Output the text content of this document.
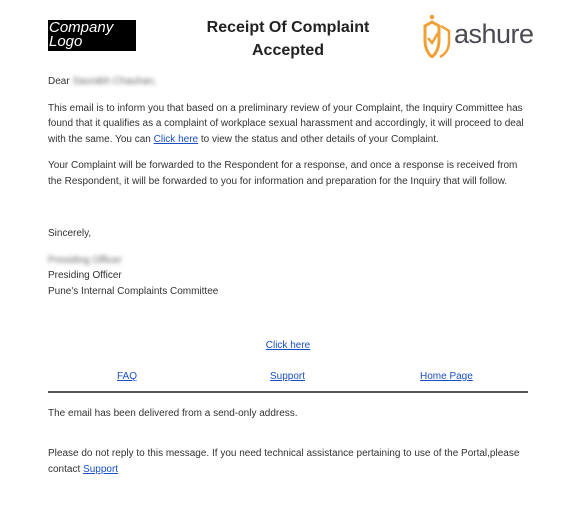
Company Logo
Receipt Of Complaint
Accepted
ashure

Dear Saurabh Chauhan,

This email is to inform you that based on a preliminary review of your Complaint, the Inquiry Committee has found that it qualifies as a complaint of workplace sexual harassment and accordingly, it will proceed to deal with the same. You can Click here to view the status and other details of your Complaint.

Your Complaint will be forwarded to the Respondent for a response, and once a response is received from the Respondent, it will be forwarded to you for information and preparation for the Inquiry that will follow.

Sincerely,

Presiding Officer

Presiding Officer

Pune's Internal Complaints Committee

Click here
FAQ	Support	Home Page
The email has been delivered from a send-only address.
Please do not reply to this message. If you need technical assistance pertaining to use of the Portal,please contact Support
